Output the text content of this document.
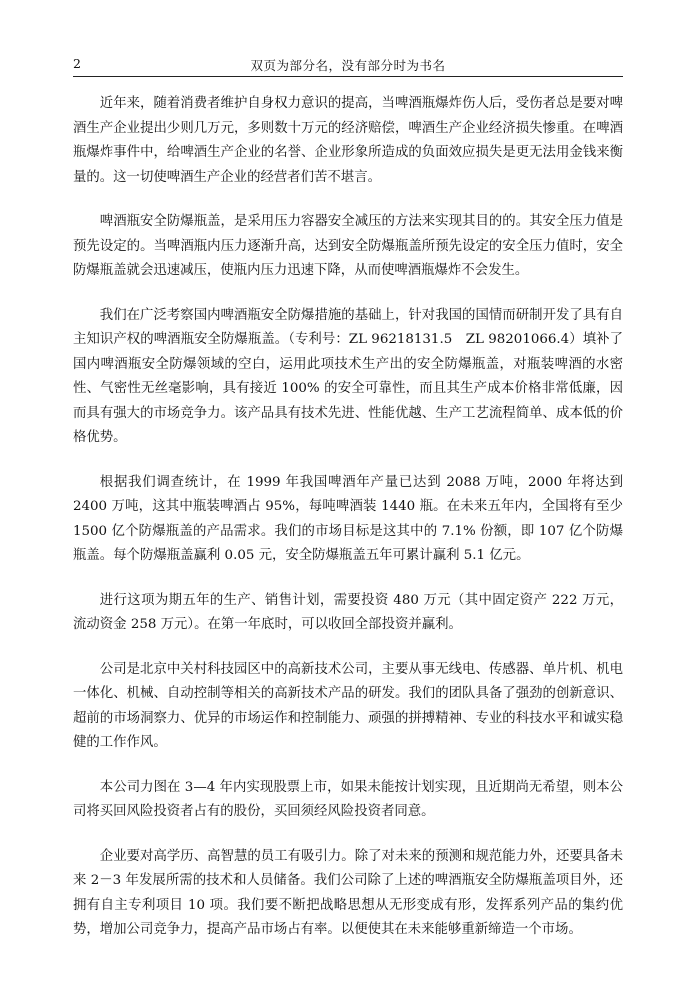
2	双页为部分名，没有部分时为书名

近年来，随着消费者维护自身权力意识的提高，当啤酒瓶爆炸伤人后，受伤者总是要对啤酒生产企业提出少则几万元，多则数十万元的经济赔偿，啤酒生产企业经济损失惨重。在啤酒瓶爆炸事件中，给啤酒生产企业的名誉、企业形象所造成的负面效应损失是更无法用金钱来衡量的。这一切使啤酒生产企业的经营者们苦不堪言。

啤酒瓶安全防爆瓶盖，是采用压力容器安全减压的方法来实现其目的的。其安全压力值是预先设定的。当啤酒瓶内压力逐渐升高，达到安全防爆瓶盖所预先设定的安全压力值时，安全防爆瓶盖就会迅速减压，使瓶内压力迅速下降，从而使啤酒瓶爆炸不会发生。

我们在广泛考察国内啤酒瓶安全防爆措施的基础上，针对我国的国情而研制开发了具有自主知识产权的啤酒瓶安全防爆瓶盖。（专利号：ZL 96218131.5　ZL 98201066.4）填补了国内啤酒瓶安全防爆领域的空白，运用此项技术生产出的安全防爆瓶盖，对瓶装啤酒的水密性、气密性无丝毫影响，具有接近 100% 的安全可靠性，而且其生产成本价格非常低廉，因而具有强大的市场竞争力。该产品具有技术先进、性能优越、生产工艺流程简单、成本低的价格优势。

根据我们调查统计，在 1999 年我国啤酒年产量已达到 2088 万吨，2000 年将达到 2400 万吨，这其中瓶装啤酒占 95%，每吨啤酒装 1440 瓶。在未来五年内，全国将有至少 1500 亿个防爆瓶盖的产品需求。我们的市场目标是这其中的 7.1% 份额，即 107 亿个防爆瓶盖。每个防爆瓶盖赢利 0.05 元，安全防爆瓶盖五年可累计赢利 5.1 亿元。

进行这项为期五年的生产、销售计划，需要投资 480 万元（其中固定资产 222 万元，流动资金 258 万元）。在第一年底时，可以收回全部投资并赢利。

公司是北京中关村科技园区中的高新技术公司，主要从事无线电、传感器、单片机、机电一体化、机械、自动控制等相关的高新技术产品的研发。我们的团队具备了强劲的创新意识、超前的市场洞察力、优异的市场运作和控制能力、顽强的拼搏精神、专业的科技水平和诚实稳健的工作作风。

本公司力图在 3—4 年内实现股票上市，如果未能按计划实现，且近期尚无希望，则本公司将买回风险投资者占有的股份，买回须经风险投资者同意。

企业要对高学历、高智慧的员工有吸引力。除了对未来的预测和规范能力外，还要具备未来 2－3 年发展所需的技术和人员储备。我们公司除了上述的啤酒瓶安全防爆瓶盖项目外，还拥有自主专利项目 10 项。我们要不断把战略思想从无形变成有形，发挥系列产品的集约优势，增加公司竞争力，提高产品市场占有率。以便使其在未来能够重新缔造一个市场。
